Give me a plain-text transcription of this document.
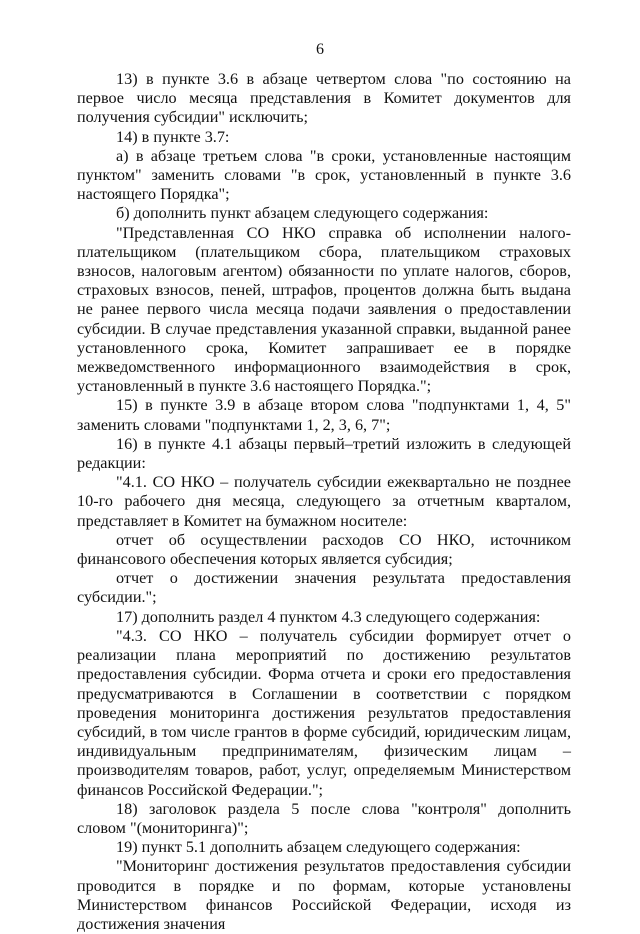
6

13) в пункте 3.6 в абзаце четвертом слова "по состоянию на первое число месяца представления в Комитет документов для получения субсидии" исключить;

14) в пункте 3.7:

а) в абзаце третьем слова "в сроки, установленные настоящим пунктом" заменить словами "в срок, установленный в пункте 3.6 настоящего Порядка";

б) дополнить пункт абзацем следующего содержания:

"Представленная СО НКО справка об исполнении налого-плательщиком (плательщиком сбора, плательщиком страховых взносов, налоговым агентом) обязанности по уплате налогов, сборов, страховых взносов, пеней, штрафов, процентов должна быть выдана не ранее первого числа месяца подачи заявления о предоставлении субсидии. В случае представления указанной справки, выданной ранее установленного срока, Комитет запрашивает ее в порядке межведомственного информационного взаимодействия в срок, установленный в пункте 3.6 настоящего Порядка.";

15) в пункте 3.9 в абзаце втором слова "подпунктами 1, 4, 5" заменить словами "подпунктами 1, 2, 3, 6, 7";

16) в пункте 4.1 абзацы первый–третий изложить в следующей редакции:

"4.1. СО НКО – получатель субсидии ежеквартально не позднее 10-го рабочего дня месяца, следующего за отчетным кварталом, представляет в Комитет на бумажном носителе:

отчет об осуществлении расходов СО НКО, источником финансового обеспечения которых является субсидия;

отчет о достижении значения результата предоставления субсидии.";

17) дополнить раздел 4 пунктом 4.3 следующего содержания:

"4.3. СО НКО – получатель субсидии формирует отчет о реализации плана мероприятий по достижению результатов предоставления субсидии. Форма отчета и сроки его предоставления предусматриваются в Соглашении в соответствии с порядком проведения мониторинга достижения результатов предоставления субсидий, в том числе грантов в форме субсидий, юридическим лицам, индивидуальным предпринимателям, физическим лицам – производителям товаров, работ, услуг, определяемым Министерством финансов Российской Федерации.";

18) заголовок раздела 5 после слова "контроля" дополнить словом "(мониторинга)";

19) пункт 5.1 дополнить абзацем следующего содержания:

"Мониторинг достижения результатов предоставления субсидии проводится в порядке и по формам, которые установлены Министерством финансов Российской Федерации, исходя из достижения значения
